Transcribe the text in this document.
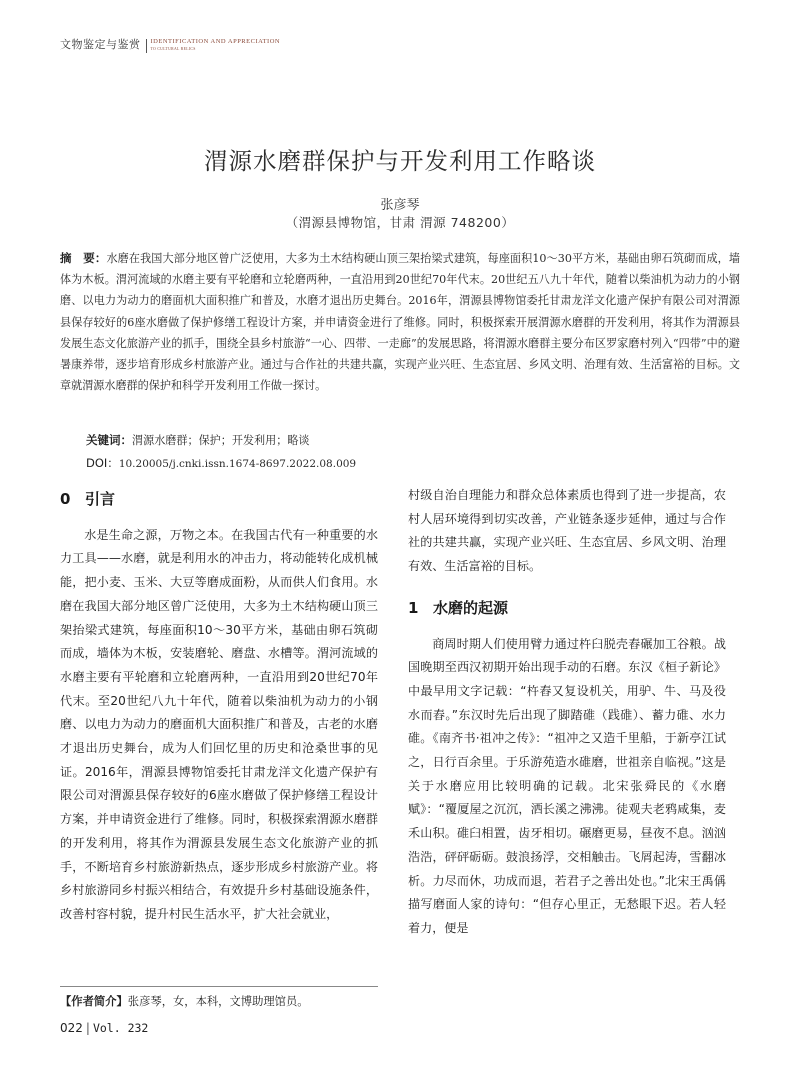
文物鉴定与鉴赏 IDENTIFICATION AND APPRECIATION
TO CULTURAL RELICS
渭源水磨群保护与开发利用工作略谈
张彦琴
（渭源县博物馆，甘肃 渭源 748200）
摘　要：水磨在我国大部分地区曾广泛使用，大多为土木结构硬山顶三架抬梁式建筑，每座面积10～30平方米，基础由卵石筑砌而成，墙体为木板。渭河流域的水磨主要有平轮磨和立轮磨两种，一直沿用到20世纪70年代末。20世纪五八九十年代，随着以柴油机为动力的小钢磨、以电力为动力的磨面机大面积推广和普及，水磨才退出历史舞台。2016年，渭源县博物馆委托甘肃龙洋文化遗产保护有限公司对渭源县保存较好的6座水磨做了保护修缮工程设计方案，并申请资金进行了维修。同时，积极探索开展渭源水磨群的开发利用，将其作为渭源县发展生态文化旅游产业的抓手，围绕全县乡村旅游“一心、四带、一走廊”的发展思路，将渭源水磨群主要分布区罗家磨村列入“四带”中的避暑康养带，逐步培育形成乡村旅游产业。通过与合作社的共建共赢，实现产业兴旺、生态宜居、乡风文明、治理有效、生活富裕的目标。文章就渭源水磨群的保护和科学开发利用工作做一探讨。
关键词：渭源水磨群；保护；开发利用；略谈
DOI：10.20005/j.cnki.issn.1674-8697.2022.08.009
0 引言

水是生命之源，万物之本。在我国古代有一种重要的水力工具——水磨，就是利用水的冲击力，将动能转化成机械能，把小麦、玉米、大豆等磨成面粉，从而供人们食用。水磨在我国大部分地区曾广泛使用，大多为土木结构硬山顶三架抬梁式建筑，每座面积10～30平方米，基础由卵石筑砌而成，墙体为木板，安装磨轮、磨盘、水槽等。渭河流域的水磨主要有平轮磨和立轮磨两种，一直沿用到20世纪70年代末。至20世纪八九十年代，随着以柴油机为动力的小钢磨、以电力为动力的磨面机大面积推广和普及，古老的水磨才退出历史舞台，成为人们回忆里的历史和沧桑世事的见证。2016年，渭源县博物馆委托甘肃龙洋文化遗产保护有限公司对渭源县保存较好的6座水磨做了保护修缮工程设计方案，并申请资金进行了维修。同时，积极探索渭源水磨群的开发利用，将其作为渭源县发展生态文化旅游产业的抓手，不断培育乡村旅游新热点，逐步形成乡村旅游产业。将乡村旅游同乡村振兴相结合，有效提升乡村基础设施条件，改善村容村貌，提升村民生活水平，扩大社会就业，

村级自治自理能力和群众总体素质也得到了进一步提高，农村人居环境得到切实改善，产业链条逐步延伸，通过与合作社的共建共赢，实现产业兴旺、生态宜居、乡风文明、治理有效、生活富裕的目标。

1 水磨的起源

商周时期人们使用臂力通过杵臼脱壳舂碾加工谷粮。战国晚期至西汉初期开始出现手动的石磨。东汉《桓子新论》中最早用文字记载：“杵舂又复设机关，用驴、牛、马及役水而舂。”东汉时先后出现了脚踏碓（践碓）、蓄力碓、水力碓。《南齐书·祖冲之传》：“祖冲之又造千里船，于新亭江试之，日行百余里。于乐游苑造水碓磨，世祖亲自临视。”这是关于水磨应用比较明确的记载。北宋张舜民的《水磨赋》：“覆厦屋之沉沉，洒长溪之沸沸。徒观夫老鸦咸集，麦禾山积。碓臼相置，齿牙相切。碾磨更易，昼夜不息。汹汹浩浩，砰砰砺砺。鼓浪扬浮，交相触击。飞屑起涛，雪翻冰析。力尽而休，功成而退，若君子之善出处也。”北宋王禹偁描写磨面人家的诗句：“但存心里正，无愁眼下迟。若人轻着力，便是

【作者简介】张彦琴，女，本科，文博助理馆员。
022 | Vol. 232
